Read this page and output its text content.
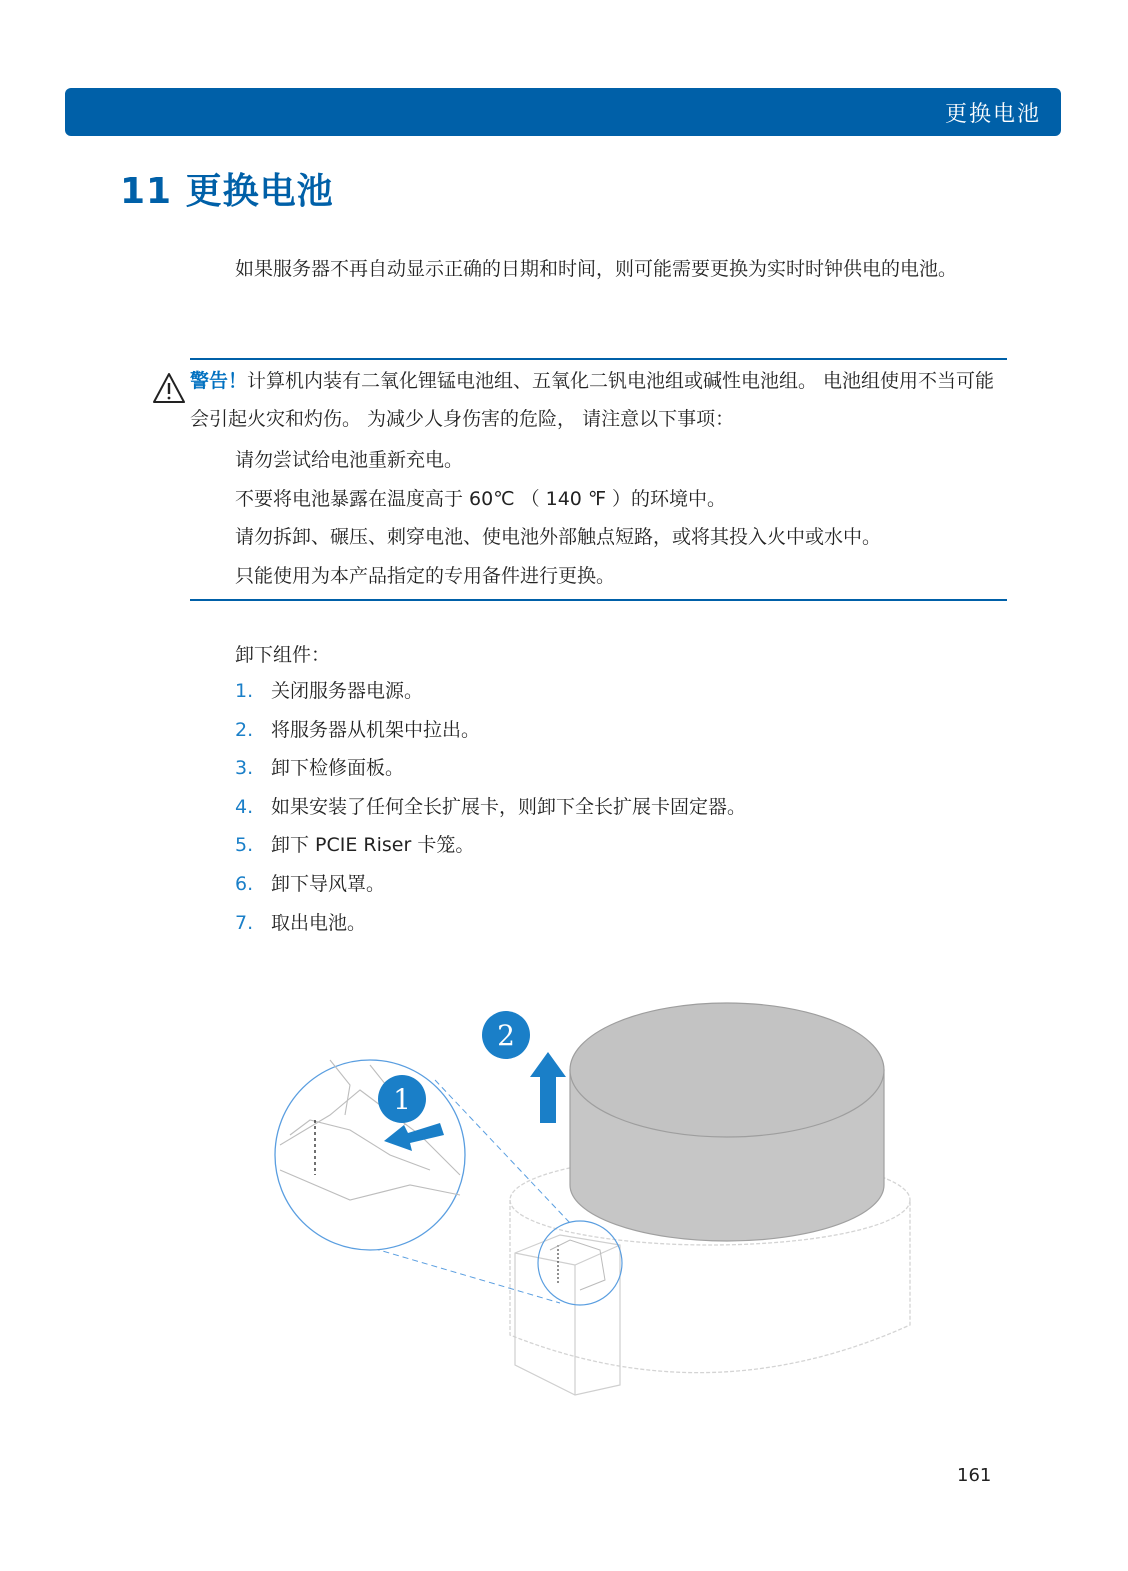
更换电池
11 更换电池

如果服务器不再自动显示正确的日期和时间，则可能需要更换为实时时钟供电的电池。

警告！计算机内装有二氧化锂锰电池组、五氧化二钒电池组或碱性电池组。 电池组使用不当可能会引起火灾和灼伤。 为减少人身伤害的危险， 请注意以下事项：

请勿尝试给电池重新充电。
不要将电池暴露在温度高于 60℃ （ 140 ℉ ）的环境中。
请勿拆卸、碾压、刺穿电池、使电池外部触点短路，或将其投入火中或水中。
只能使用为本产品指定的专用备件进行更换。

卸下组件：

1. 关闭服务器电源。
2. 将服务器从机架中拉出。
3. 卸下检修面板。
4. 如果安装了任何全长扩展卡，则卸下全长扩展卡固定器。
5. 卸下 PCIE Riser 卡笼。
6. 卸下导风罩。
7. 取出电池。
1
2
161
